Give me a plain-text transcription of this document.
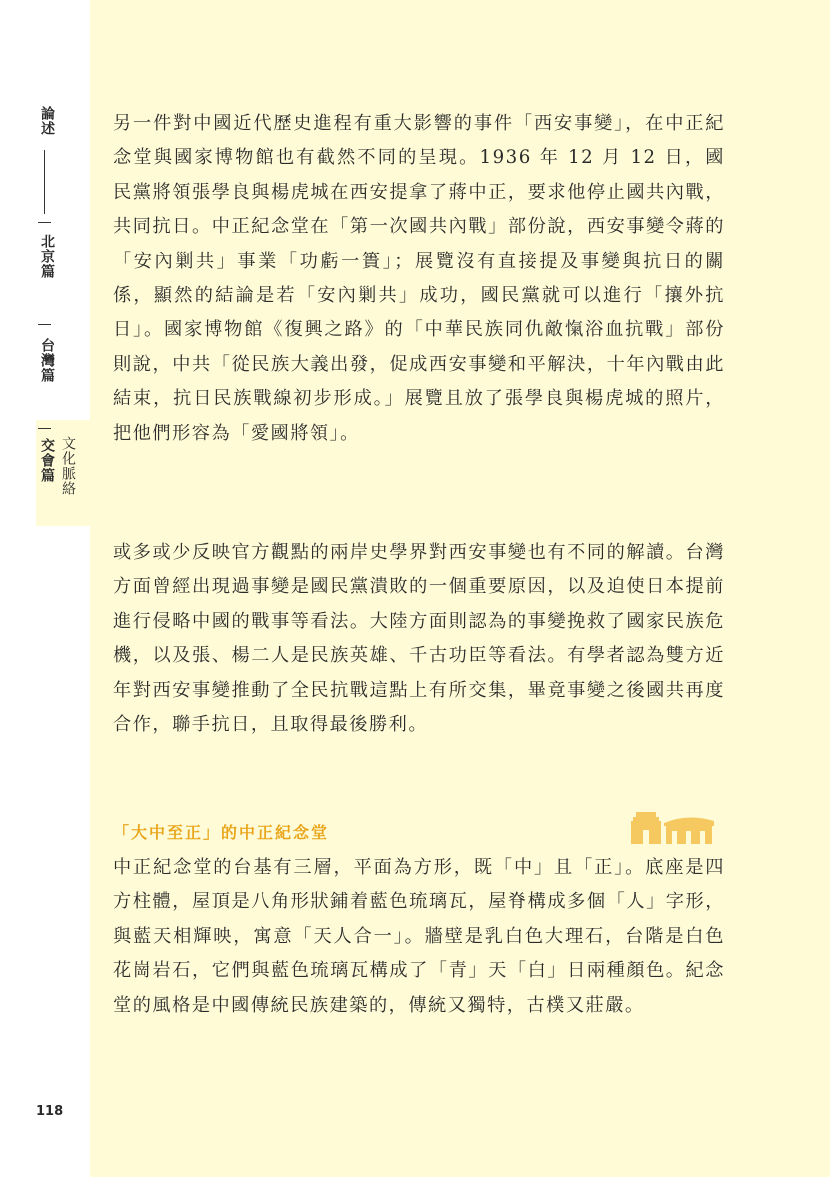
論述
北京篇
台灣篇
交會篇 文化脈絡

另一件對中國近代歷史進程有重大影響的事件「西安事變」，在中正紀念堂與國家博物館也有截然不同的呈現。1936 年 12 月 12 日，國民黨將領張學良與楊虎城在西安提拿了蔣中正，要求他停止國共內戰，共同抗日。中正紀念堂在「第一次國共內戰」部份說，西安事變令蔣的「安內剿共」事業「功虧一簣」；展覽沒有直接提及事變與抗日的關係，顯然的結論是若「安內剿共」成功，國民黨就可以進行「攘外抗日」。國家博物館《復興之路》的「中華民族同仇敵愾浴血抗戰」部份則說，中共「從民族大義出發，促成西安事變和平解決，十年內戰由此結束，抗日民族戰線初步形成。」展覽且放了張學良與楊虎城的照片，把他們形容為「愛國將領」。

或多或少反映官方觀點的兩岸史學界對西安事變也有不同的解讀。台灣方面曾經出現過事變是國民黨潰敗的一個重要原因，以及迫使日本提前進行侵略中國的戰事等看法。大陸方面則認為的事變挽救了國家民族危機，以及張、楊二人是民族英雄、千古功臣等看法。有學者認為雙方近年對西安事變推動了全民抗戰這點上有所交集，畢竟事變之後國共再度合作，聯手抗日，且取得最後勝利。

「大中至正」的中正紀念堂

中正紀念堂的台基有三層，平面為方形，既「中」且「正」。底座是四方柱體，屋頂是八角形狀鋪着藍色琉璃瓦，屋脊構成多個「人」字形，與藍天相輝映，寓意「天人合一」。牆壁是乳白色大理石，台階是白色花崗岩石，它們與藍色琉璃瓦構成了「青」天「白」日兩種顏色。紀念堂的風格是中國傳統民族建築的，傳統又獨特，古樸又莊嚴。

118
